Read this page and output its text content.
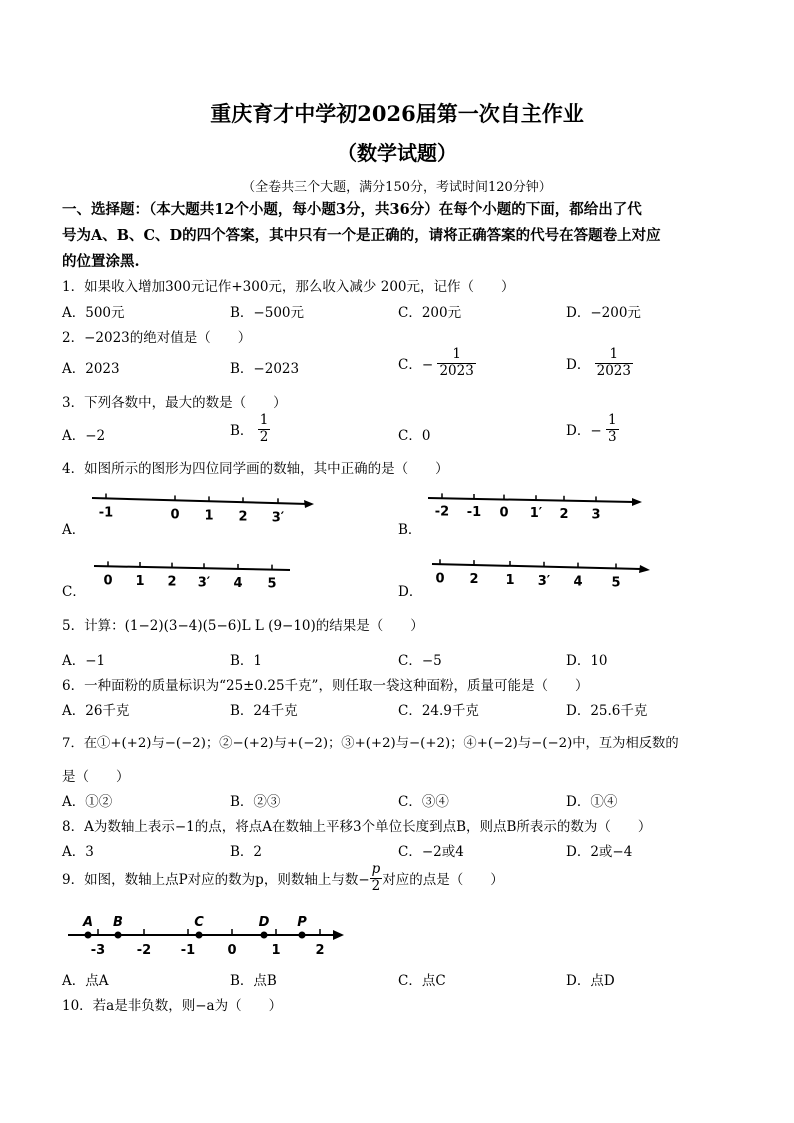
重庆育才中学初2026届第一次自主作业
（数学试题）
（全卷共三个大题，满分150分，考试时间120分钟）
一、选择题：（本大题共12个小题，每小题3分，共36分）在每个小题的下面，都给出了代
号为A、B、C、D的四个答案，其中只有一个是正确的，请将正确答案的代号在答题卷上对应
的位置涂黑.
1．如果收入增加300元记作+300元，那么收入减少 200元，记作（　　）
A．500元	B．−500元	C．200元	D．−200元
2．−2023的绝对值是（　　）
A．2023	B．−2023	C．− $\frac{1}{2023}$	D． $\frac{1}{2023}$
3．下列各数中，最大的数是（　　）
A．−2	B． $\frac{1}{2}$	C．0	D．− $\frac{1}{3}$
4．如图所示的图形为四位同学画的数轴，其中正确的是（　　）
A．	B．
C．	D．
-1	0 1 2 3′	-2 -1 0 1′ 2 3
0 1 2 3′ 4 5	0 2 1 3′ 4 5
5．计算：(1−2)(3−4)(5−6)L L (9−10)的结果是（　　）
A．−1	B．1	C．−5	D．10
6．一种面粉的质量标识为“25±0.25千克”，则任取一袋这种面粉，质量可能是（　　）
A．26千克	B．24千克	C．24.9千克	D．25.6千克
7．在①+(+2)与−(−2)；②−(+2)与+(−2)；③+(+2)与−(+2)；④+(−2)与−(−2)中，互为相反数的
是（　　）
A．①②	B．②③	C．③④	D．①④
8．A为数轴上表示−1的点，将点A在数轴上平移3个单位长度到点B，则点B所表示的数为（　　）
A．3	B．2	C．−2或4	D．2或−4
9．如图，数轴上点P对应的数为p，则数轴上与数− $\frac{p}{2}$ 对应的点是（　　）
-3 -2 -1 0	1	2
A B	C	D P
A．点A	B．点B	C．点C	D．点D
10．若a是非负数，则−a为（　　）
